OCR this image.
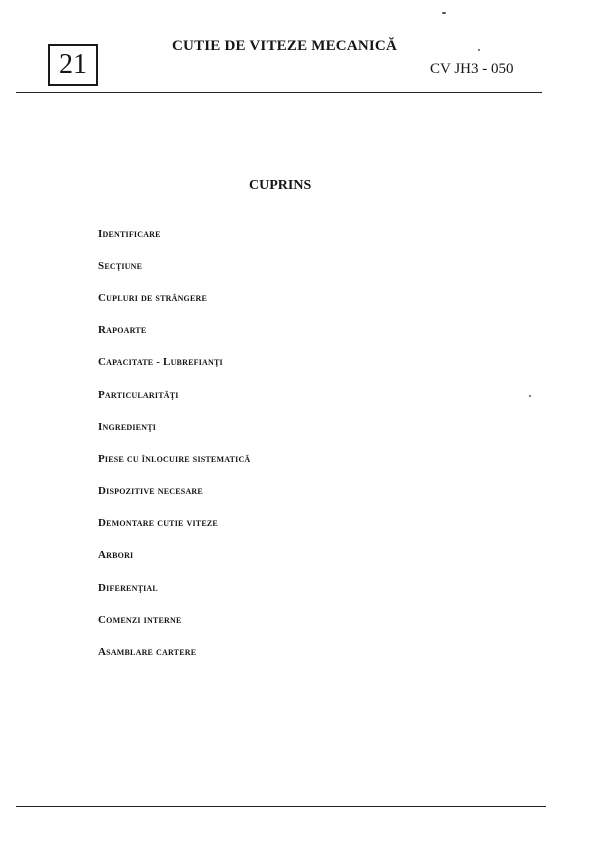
21
CUTIE DE VITEZE MECANICĂ
CV JH3 - 050
CUPRINS
Identificare
Secţiune
Cupluri de strângere
Rapoarte
Capacitate - Lubrefianţi
Particularităţi
Ingredienţi
Piese cu înlocuire sistematică
Dispozitive necesare
Demontare cutie viteze
Arbori
Diferenţial
Comenzi interne
Asamblare cartere
